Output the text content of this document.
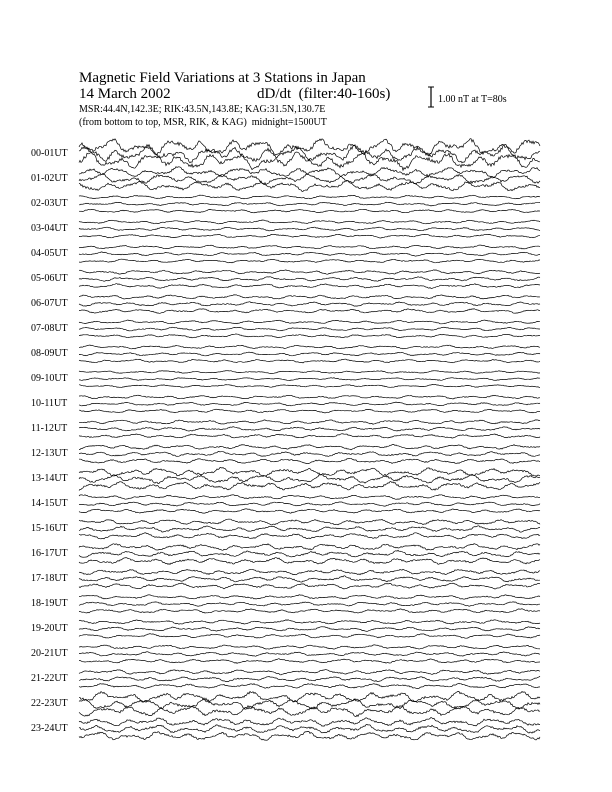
Magnetic Field Variations at 3 Stations in Japan
14 March 2002	dD/dt (filter:40-160s)
MSR:44.4N,142.3E; RIK:43.5N,143.8E; KAG:31.5N,130.7E
(from bottom to top, MSR, RIK, & KAG) midnight=1500UT
1.00 nT at T=80s
00-01UT
01-02UT
02-03UT
03-04UT
04-05UT
05-06UT
06-07UT
07-08UT
08-09UT
09-10UT
10-11UT
11-12UT
12-13UT
13-14UT
14-15UT
15-16UT
16-17UT
17-18UT
18-19UT
19-20UT
20-21UT
21-22UT
22-23UT
23-24UT
